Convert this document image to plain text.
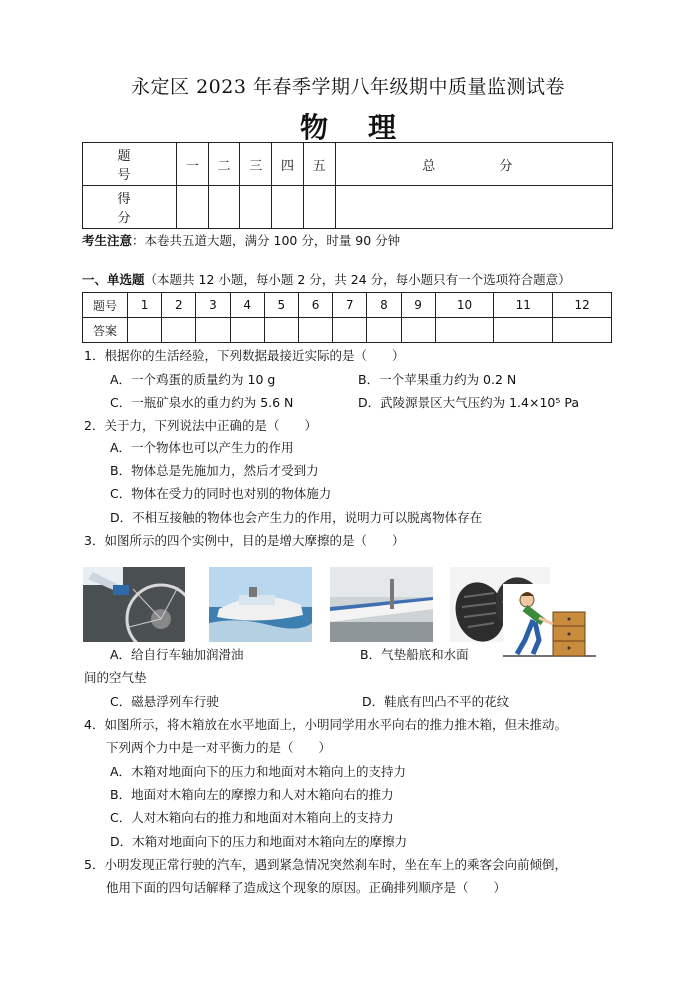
永定区 2023 年春季学期八年级期中质量监测试卷
物理
题 号	一	二	三	四	五	总 分
得 分						
考生注意：本卷共五道大题，满分 100 分，时量 90 分钟
一、单选题（本题共 12 小题，每小题 2 分，共 24 分，每小题只有一个选项符合题意）
题号	1	2	3	4	5	6	7	8	9	10	11	12
答案												
1．根据你的生活经验，下列数据最接近实际的是（　　）
A．一个鸡蛋的质量约为 10 g	B．一个苹果重力约为 0.2 N
C．一瓶矿泉水的重力约为 5.6 N	D．武陵源景区大气压约为 1.4×10⁵ Pa
2．关于力，下列说法中正确的是（　　）
A．一个物体也可以产生力的作用
B．物体总是先施加力，然后才受到力
C．物体在受力的同时也对别的物体施力
D．不相互接触的物体也会产生力的作用，说明力可以脱离物体存在
3．如图所示的四个实例中，目的是增大摩擦的是（　　）
A．给自行车轴加润滑油	B．气垫船底和水面
间的空气垫
C．磁悬浮列车行驶	D．鞋底有凹凸不平的花纹
4．如图所示，将木箱放在水平地面上，小明同学用水平向右的推力推木箱，但未推动。
下列两个力中是一对平衡力的是（　　）
A．木箱对地面向下的压力和地面对木箱向上的支持力
B．地面对木箱向左的摩擦力和人对木箱向右的推力
C．人对木箱向右的推力和地面对木箱向上的支持力
D．木箱对地面向下的压力和地面对木箱向左的摩擦力
5．小明发现正常行驶的汽车，遇到紧急情况突然刹车时，坐在车上的乘客会向前倾倒，
他用下面的四句话解释了造成这个现象的原因。正确排列顺序是（　　）
